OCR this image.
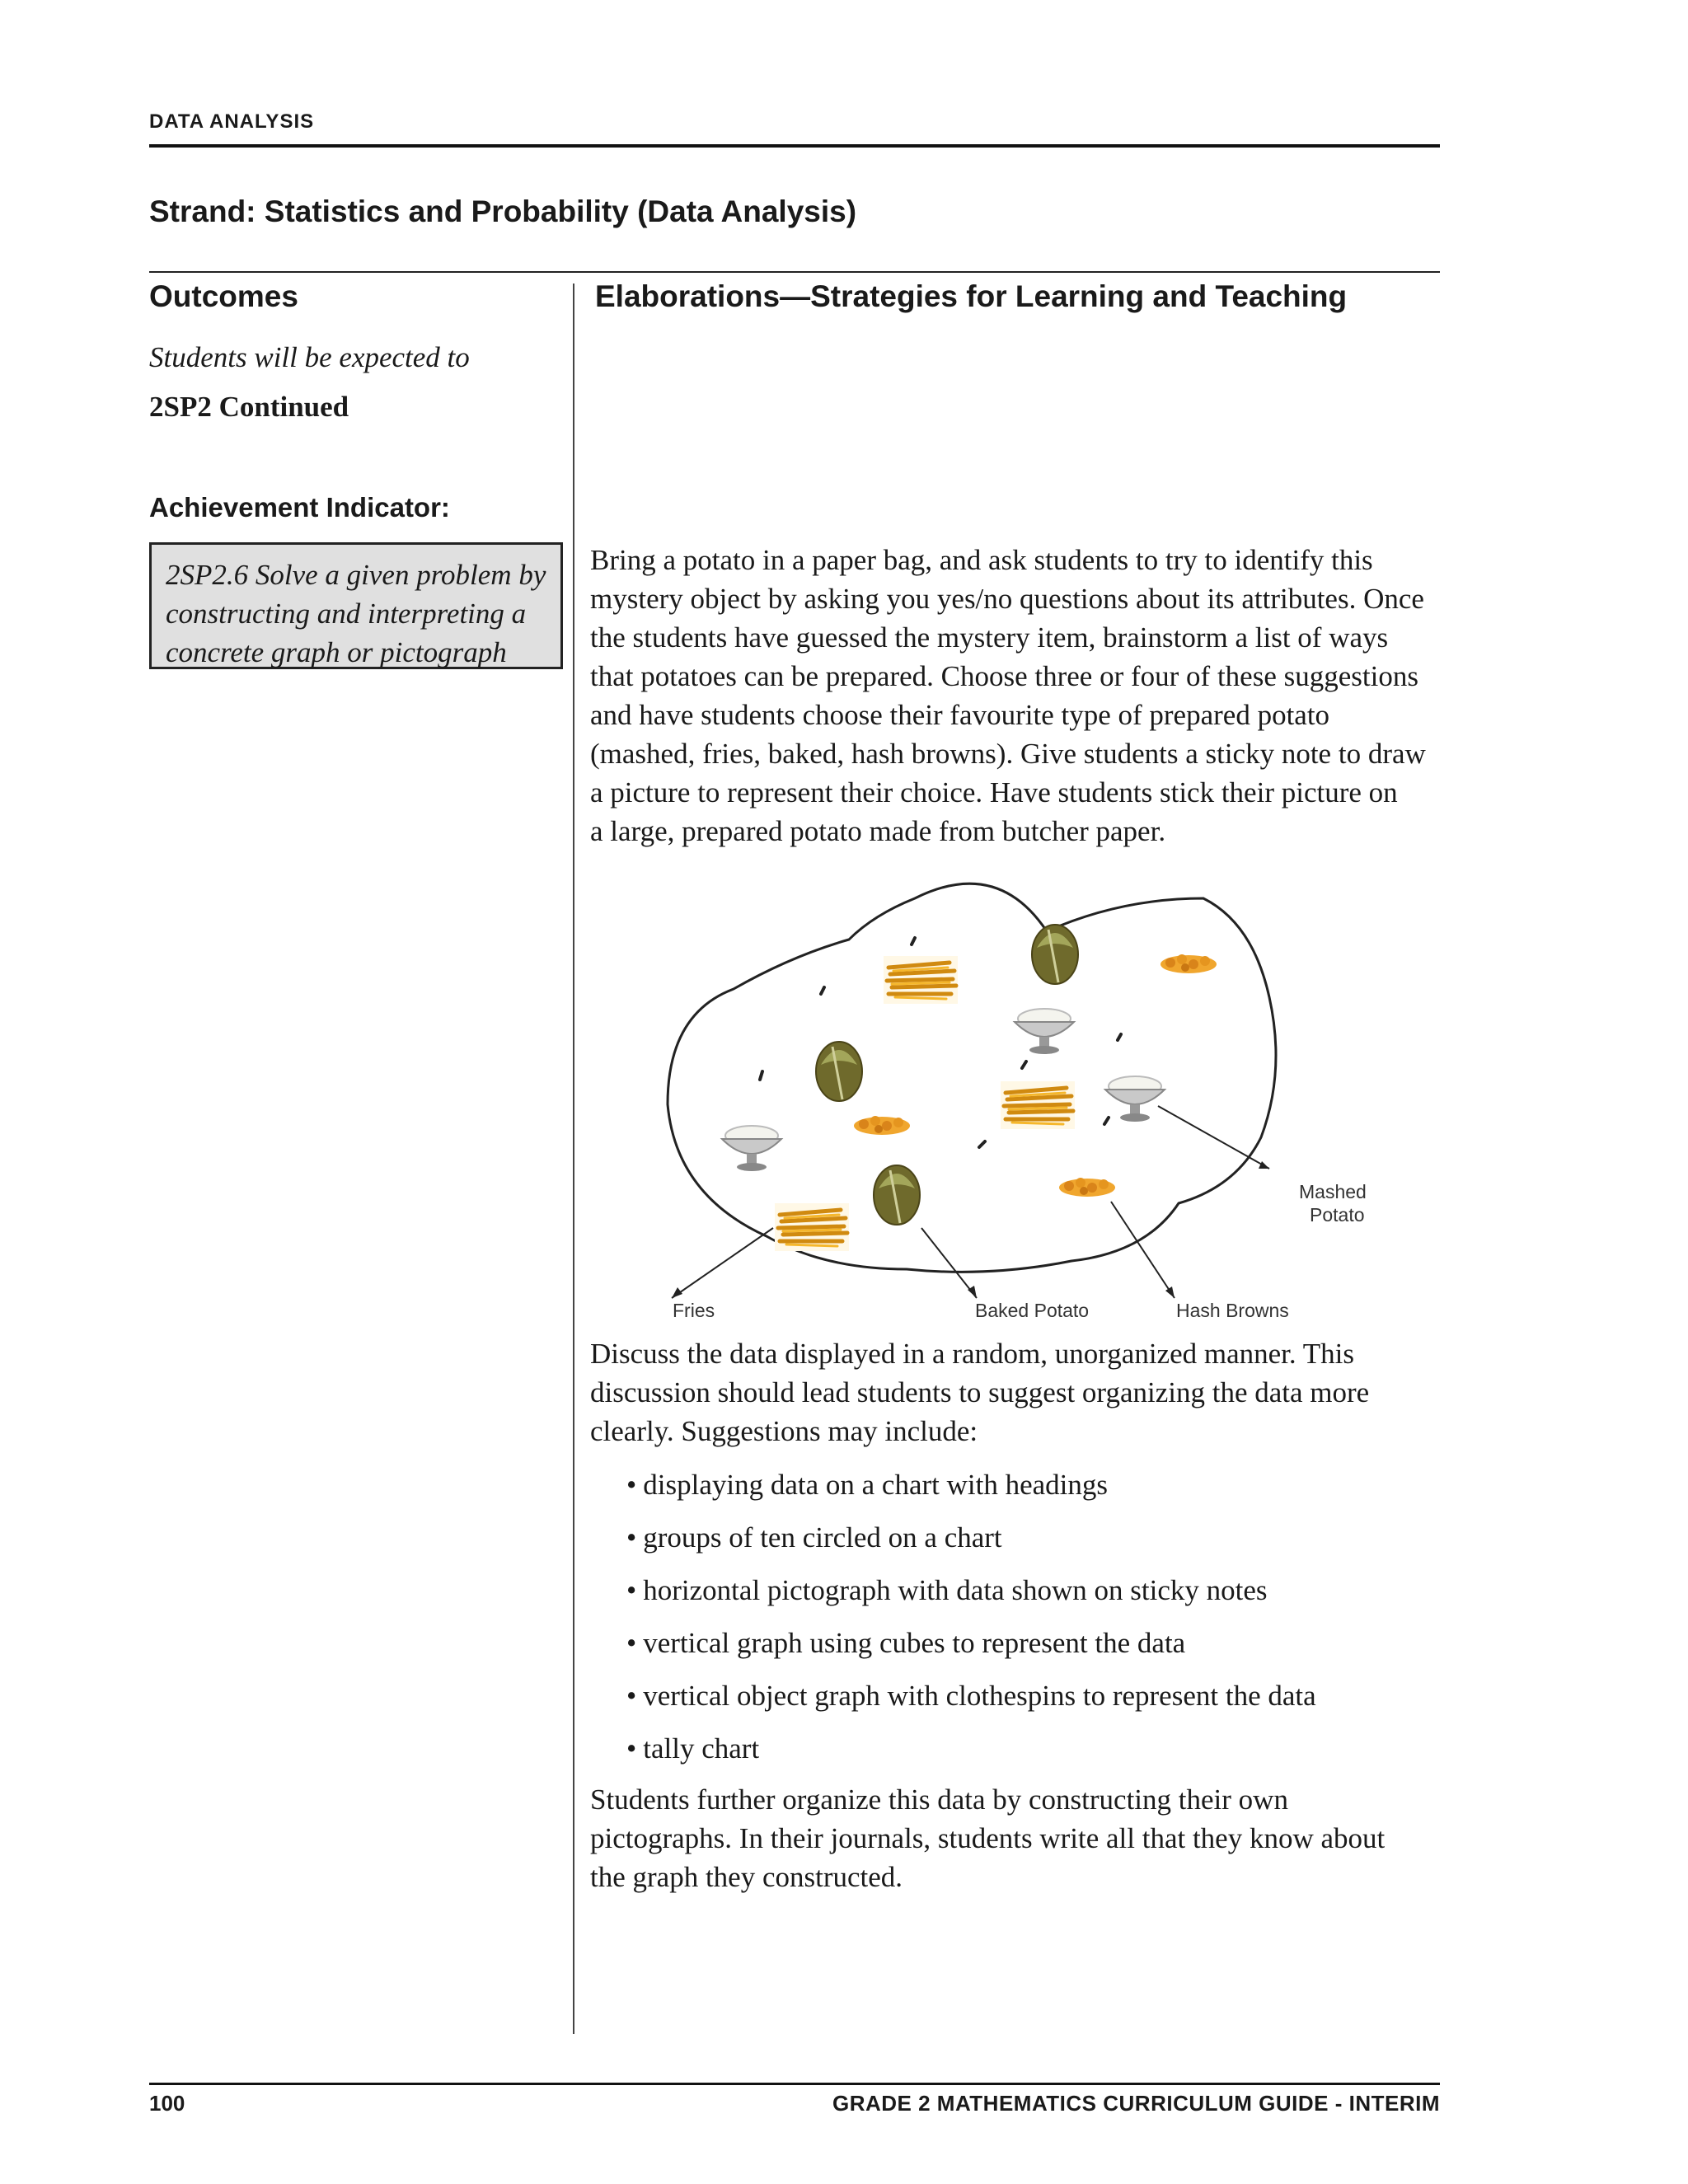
DATA ANALYSIS
Strand: Statistics and Probability (Data Analysis)
Outcomes	Elaborations—Strategies for Learning and Teaching
Students will be expected to
2SP2 Continued
Achievement Indicator:
2SP2.6 Solve a given problem by
constructing and interpreting a
concrete graph or pictograph
Bring a potato in a paper bag, and ask students to try to identify this
mystery object by asking you yes/no questions about its attributes. Once
the students have guessed the mystery item, brainstorm a list of ways
that potatoes can be prepared. Choose three or four of these suggestions
and have students choose their favourite type of prepared potato
(mashed, fries, baked, hash browns). Give students a sticky note to draw
a picture to represent their choice. Have students stick their picture on
a large, prepared potato made from butcher paper.
Fries	Baked Potato	Hash Browns
Mashed
Potato
Discuss the data displayed in a random, unorganized manner. This
discussion should lead students to suggest organizing the data more
clearly. Suggestions may include:
• displaying data on a chart with headings
• groups of ten circled on a chart
• horizontal pictograph with data shown on sticky notes
• vertical graph using cubes to represent the data
• vertical object graph with clothespins to represent the data
• tally chart
Students further organize this data by constructing their own
pictographs. In their journals, students write all that they know about
the graph they constructed.
100	GRADE 2 MATHEMATICS CURRICULUM GUIDE - INTERIM
